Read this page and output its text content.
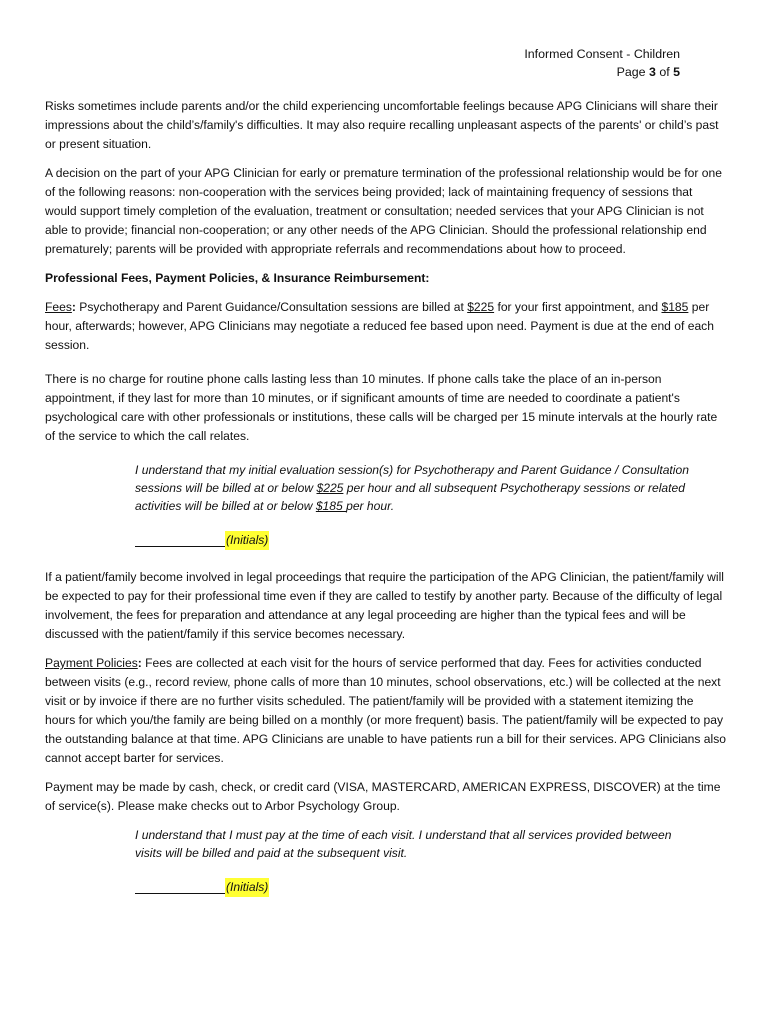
Informed Consent - Children
Page 3 of 5

Risks sometimes include parents and/or the child experiencing uncomfortable feelings because APG Clinicians will share their impressions about the child’s/family's difficulties. It may also require recalling unpleasant aspects of the parents' or child’s past or present situation.

A decision on the part of your APG Clinician for early or premature termination of the professional relationship would be for one of the following reasons: non-cooperation with the services being provided; lack of maintaining frequency of sessions that would support timely completion of the evaluation, treatment or consultation; needed services that your APG Clinician is not able to provide; financial non-cooperation; or any other needs of the APG Clinician. Should the professional relationship end prematurely; parents will be provided with appropriate referrals and recommendations about how to proceed.

Professional Fees, Payment Policies, & Insurance Reimbursement:

Fees: Psychotherapy and Parent Guidance/Consultation sessions are billed at $225 for your first appointment, and $185 per hour, afterwards; however, APG Clinicians may negotiate a reduced fee based upon need. Payment is due at the end of each session.

There is no charge for routine phone calls lasting less than 10 minutes. If phone calls take the place of an in-person appointment, if they last for more than 10 minutes, or if significant amounts of time are needed to coordinate a patient's psychological care with other professionals or institutions, these calls will be charged per 15 minute intervals at the hourly rate of the service to which the call relates.

I understand that my initial evaluation session(s) for Psychotherapy and Parent Guidance / Consultation sessions will be billed at or below $225 per hour and all subsequent Psychotherapy sessions or related activities will be billed at or below $185 per hour.
(Initials)

If a patient/family become involved in legal proceedings that require the participation of the APG Clinician, the patient/family will be expected to pay for their professional time even if they are called to testify by another party. Because of the difficulty of legal involvement, the fees for preparation and attendance at any legal proceeding are higher than the typical fees and will be discussed with the patient/family if this service becomes necessary.

Payment Policies: Fees are collected at each visit for the hours of service performed that day. Fees for activities conducted between visits (e.g., record review, phone calls of more than 10 minutes, school observations, etc.) will be collected at the next visit or by invoice if there are no further visits scheduled. The patient/family will be provided with a statement itemizing the hours for which you/the family are being billed on a monthly (or more frequent) basis. The patient/family will be expected to pay the outstanding balance at that time. APG Clinicians are unable to have patients run a bill for their services. APG Clinicians also cannot accept barter for services.

Payment may be made by cash, check, or credit card (VISA, MASTERCARD, AMERICAN EXPRESS, DISCOVER) at the time of service(s). Please make checks out to Arbor Psychology Group.

I understand that I must pay at the time of each visit. I understand that all services provided between visits will be billed and paid at the subsequent visit.
(Initials)
